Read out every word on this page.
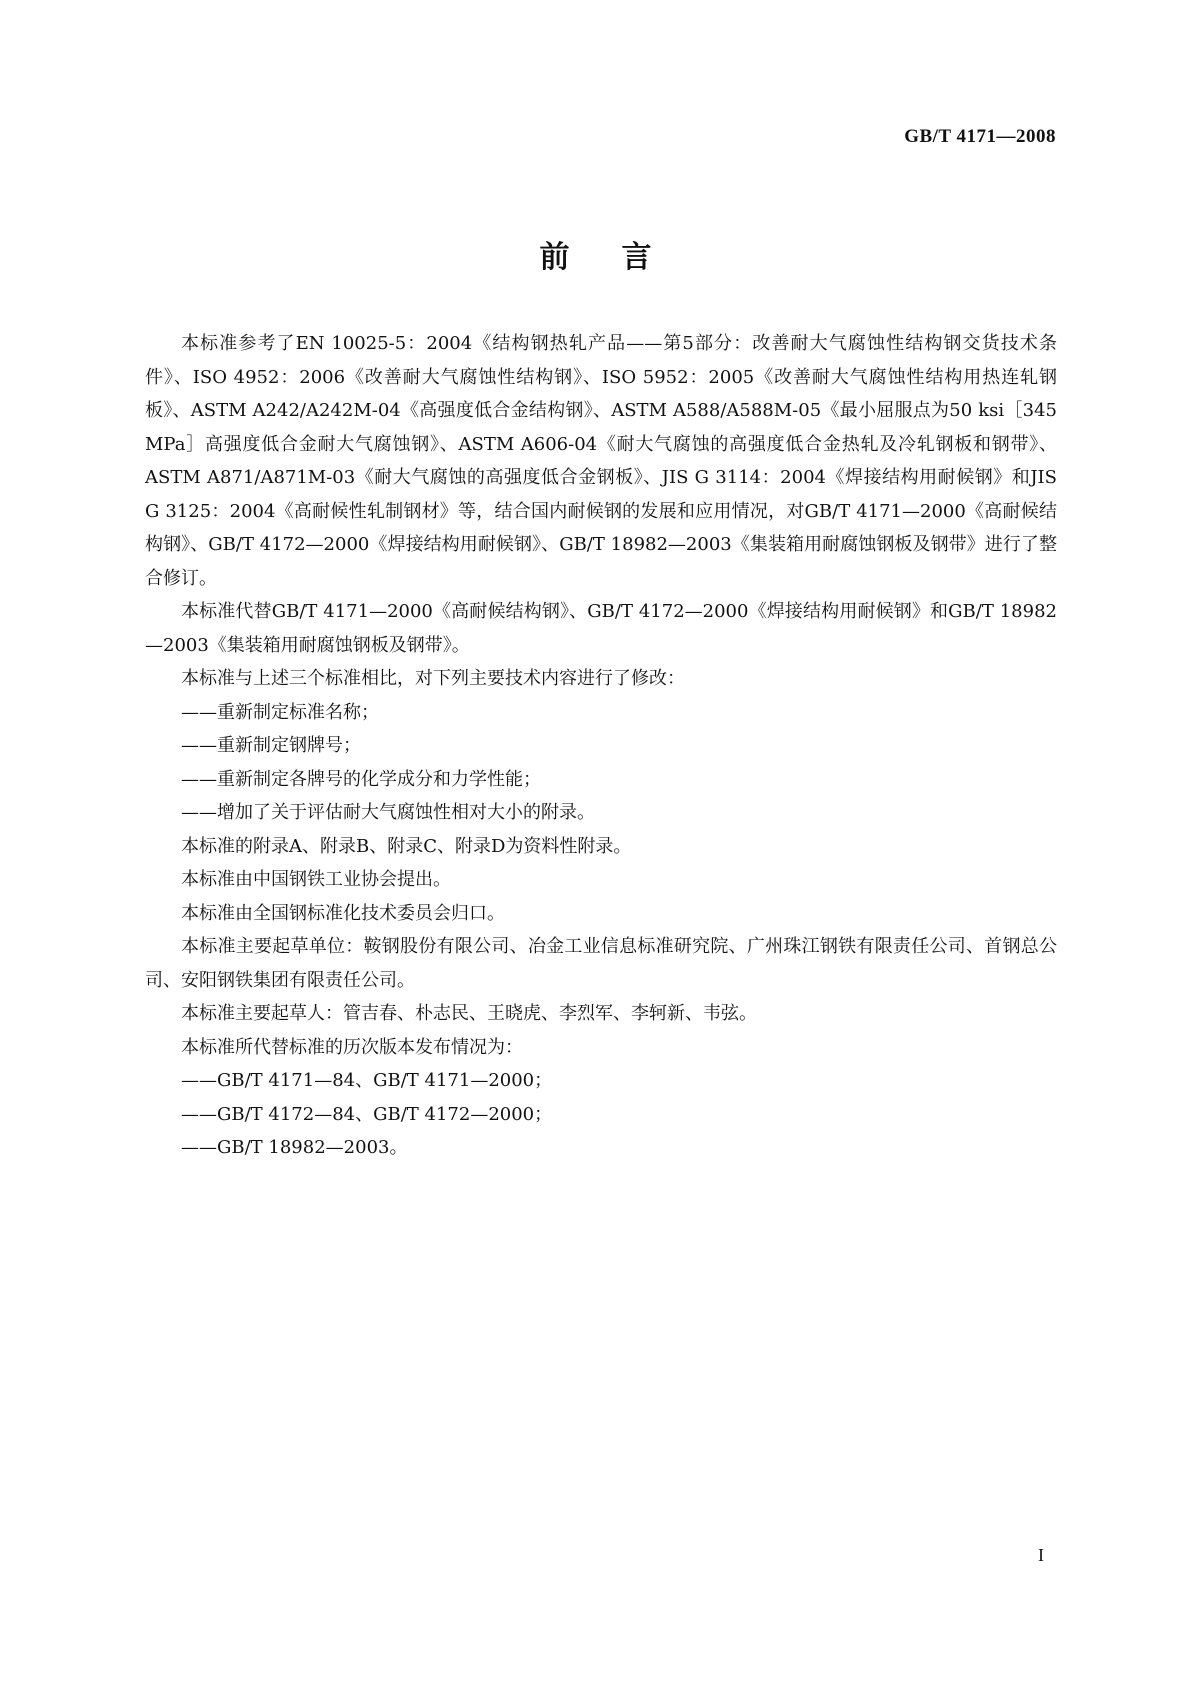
GB/T 4171—2008
前言

本标准参考了EN 10025-5：2004《结构钢热轧产品——第5部分：改善耐大气腐蚀性结构钢交货技术条件》、ISO 4952：2006《改善耐大气腐蚀性结构钢》、ISO 5952：2005《改善耐大气腐蚀性结构用热连轧钢板》、ASTM A242/A242M-04《高强度低合金结构钢》、ASTM A588/A588M-05《最小屈服点为50 ksi［345 MPa］高强度低合金耐大气腐蚀钢》、ASTM A606-04《耐大气腐蚀的高强度低合金热轧及冷轧钢板和钢带》、ASTM A871/A871M-03《耐大气腐蚀的高强度低合金钢板》、JIS G 3114：2004《焊接结构用耐候钢》和JIS G 3125：2004《高耐候性轧制钢材》等，结合国内耐候钢的发展和应用情况，对GB/T 4171—2000《高耐候结构钢》、GB/T 4172—2000《焊接结构用耐候钢》、GB/T 18982—2003《集装箱用耐腐蚀钢板及钢带》进行了整合修订。

本标准代替GB/T 4171—2000《高耐候结构钢》、GB/T 4172—2000《焊接结构用耐候钢》和GB/T 18982—2003《集装箱用耐腐蚀钢板及钢带》。

本标准与上述三个标准相比，对下列主要技术内容进行了修改：

——重新制定标准名称；

——重新制定钢牌号；

——重新制定各牌号的化学成分和力学性能；

——增加了关于评估耐大气腐蚀性相对大小的附录。

本标准的附录A、附录B、附录C、附录D为资料性附录。

本标准由中国钢铁工业协会提出。

本标准由全国钢标准化技术委员会归口。

本标准主要起草单位：鞍钢股份有限公司、冶金工业信息标准研究院、广州珠江钢铁有限责任公司、首钢总公司、安阳钢铁集团有限责任公司。

本标准主要起草人：管吉春、朴志民、王晓虎、李烈军、李轲新、韦弦。

本标准所代替标准的历次版本发布情况为：

——GB/T 4171—84、GB/T 4171—2000；

——GB/T 4172—84、GB/T 4172—2000；

——GB/T 18982—2003。

I
